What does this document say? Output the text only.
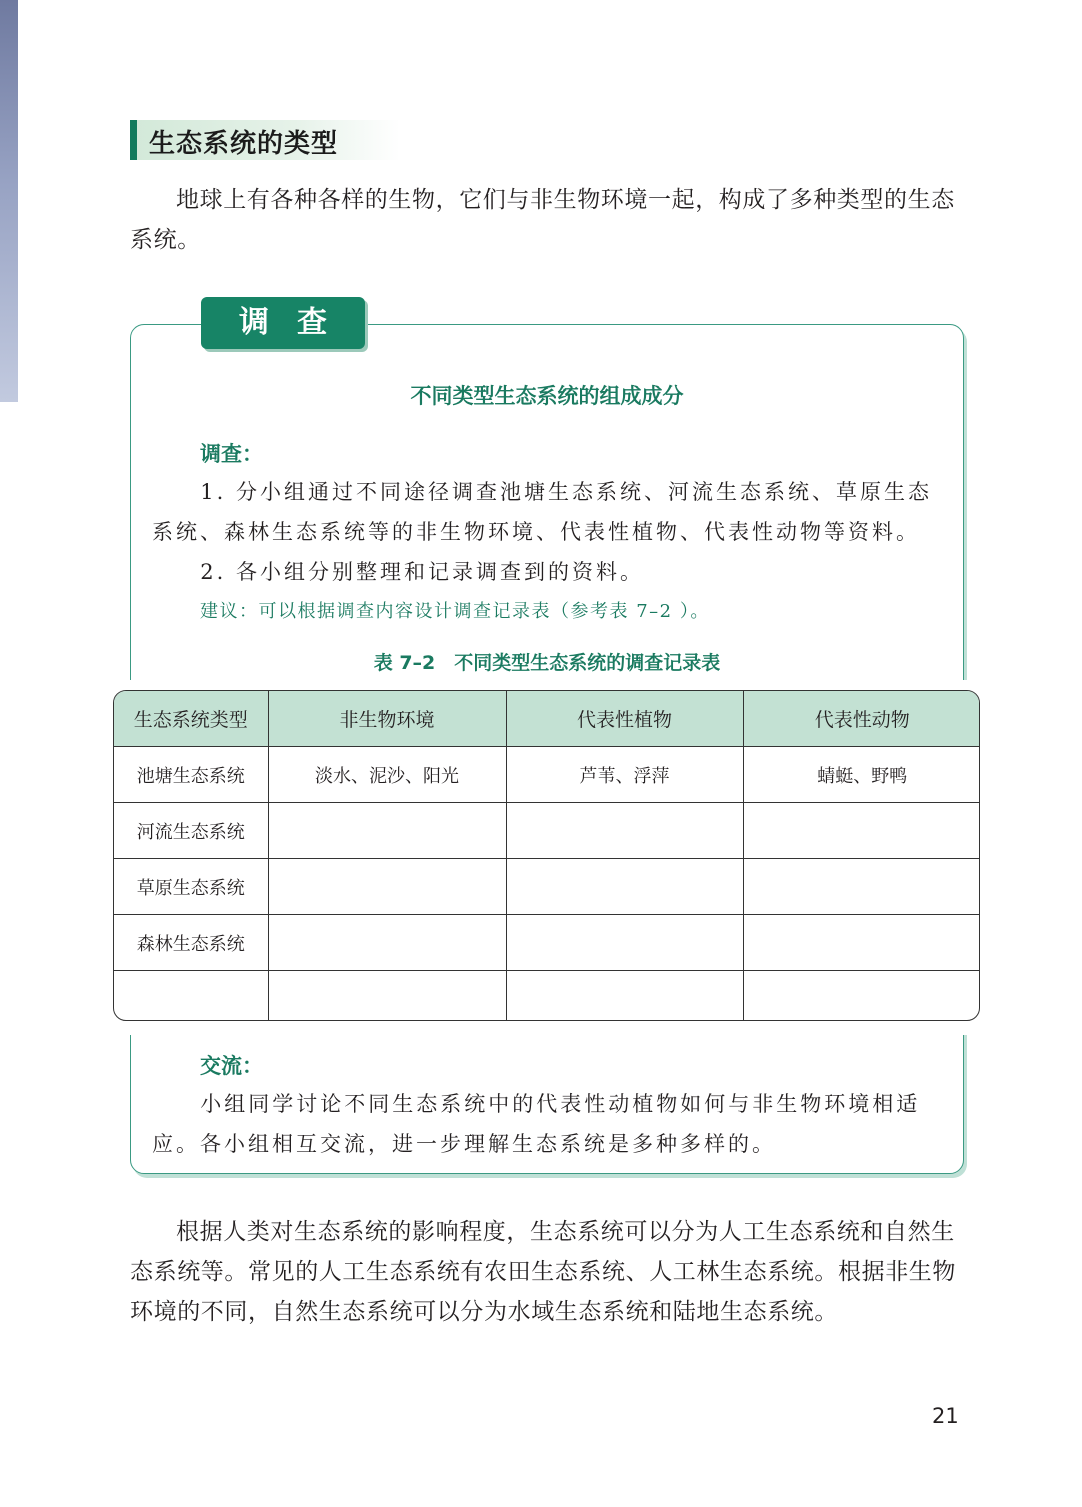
生态系统的类型

地球上有各种各样的生物，它们与非生物环境一起，构成了多种类型的生态系统。

调查
不同类型生态系统的组成成分
调查：

1. 分小组通过不同途径调查池塘生态系统、河流生态系统、草原生态系统、森林生态系统等的非生物环境、代表性植物、代表性动物等资料。

2. 各小组分别整理和记录调查到的资料。

建议：可以根据调查内容设计调查记录表（参考表 7–2 ）。
表 7–2　不同类型生态系统的调查记录表
生态系统类型	非生物环境	代表性植物	代表性动物
池塘生态系统	淡水、泥沙、阳光	芦苇、浮萍	蜻蜓、野鸭
河流生态系统			
草原生态系统			
森林生态系统			

交流：

小组同学讨论不同生态系统中的代表性动植物如何与非生物环境相适应。各小组相互交流，进一步理解生态系统是多种多样的。

根据人类对生态系统的影响程度，生态系统可以分为人工生态系统和自然生态系统等。常见的人工生态系统有农田生态系统、人工林生态系统。根据非生物环境的不同，自然生态系统可以分为水域生态系统和陆地生态系统。

21
